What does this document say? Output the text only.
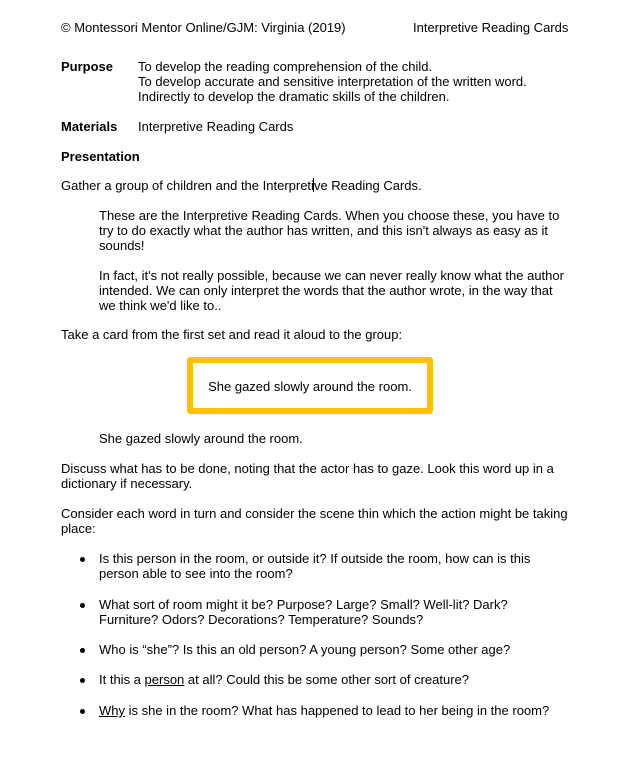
© Montessori Mentor Online/GJM: Virginia (2019)	Interpretive Reading Cards
Purpose To develop the reading comprehension of the child.
To develop accurate and sensitive interpretation of the written word.
Indirectly to develop the dramatic skills of the children.
Materials Interpretive Reading Cards
Presentation
Gather a group of children and the Interpretive Reading Cards.
These are the Interpretive Reading Cards. When you choose these, you have to
try to do exactly what the author has written, and this isn't always as easy as it
sounds!
In fact, it's not really possible, because we can never really know what the author
intended. We can only interpret the words that the author wrote, in the way that
we think we'd like to..
Take a card from the first set and read it aloud to the group:
She gazed slowly around the room.
She gazed slowly around the room.
Discuss what has to be done, noting that the actor has to gaze. Look this word up in a
dictionary if necessary.
Consider each word in turn and consider the scene thin which the action might be taking
place:
Is this person in the room, or outside it? If outside the room, how can is this
person able to see into the room?
What sort of room might it be? Purpose? Large? Small? Well-lit? Dark?
Furniture? Odors? Decorations? Temperature? Sounds?
Who is “she”? Is this an old person? A young person? Some other age?
It this a person at all? Could this be some other sort of creature?
Why is she in the room? What has happened to lead to her being in the room?
